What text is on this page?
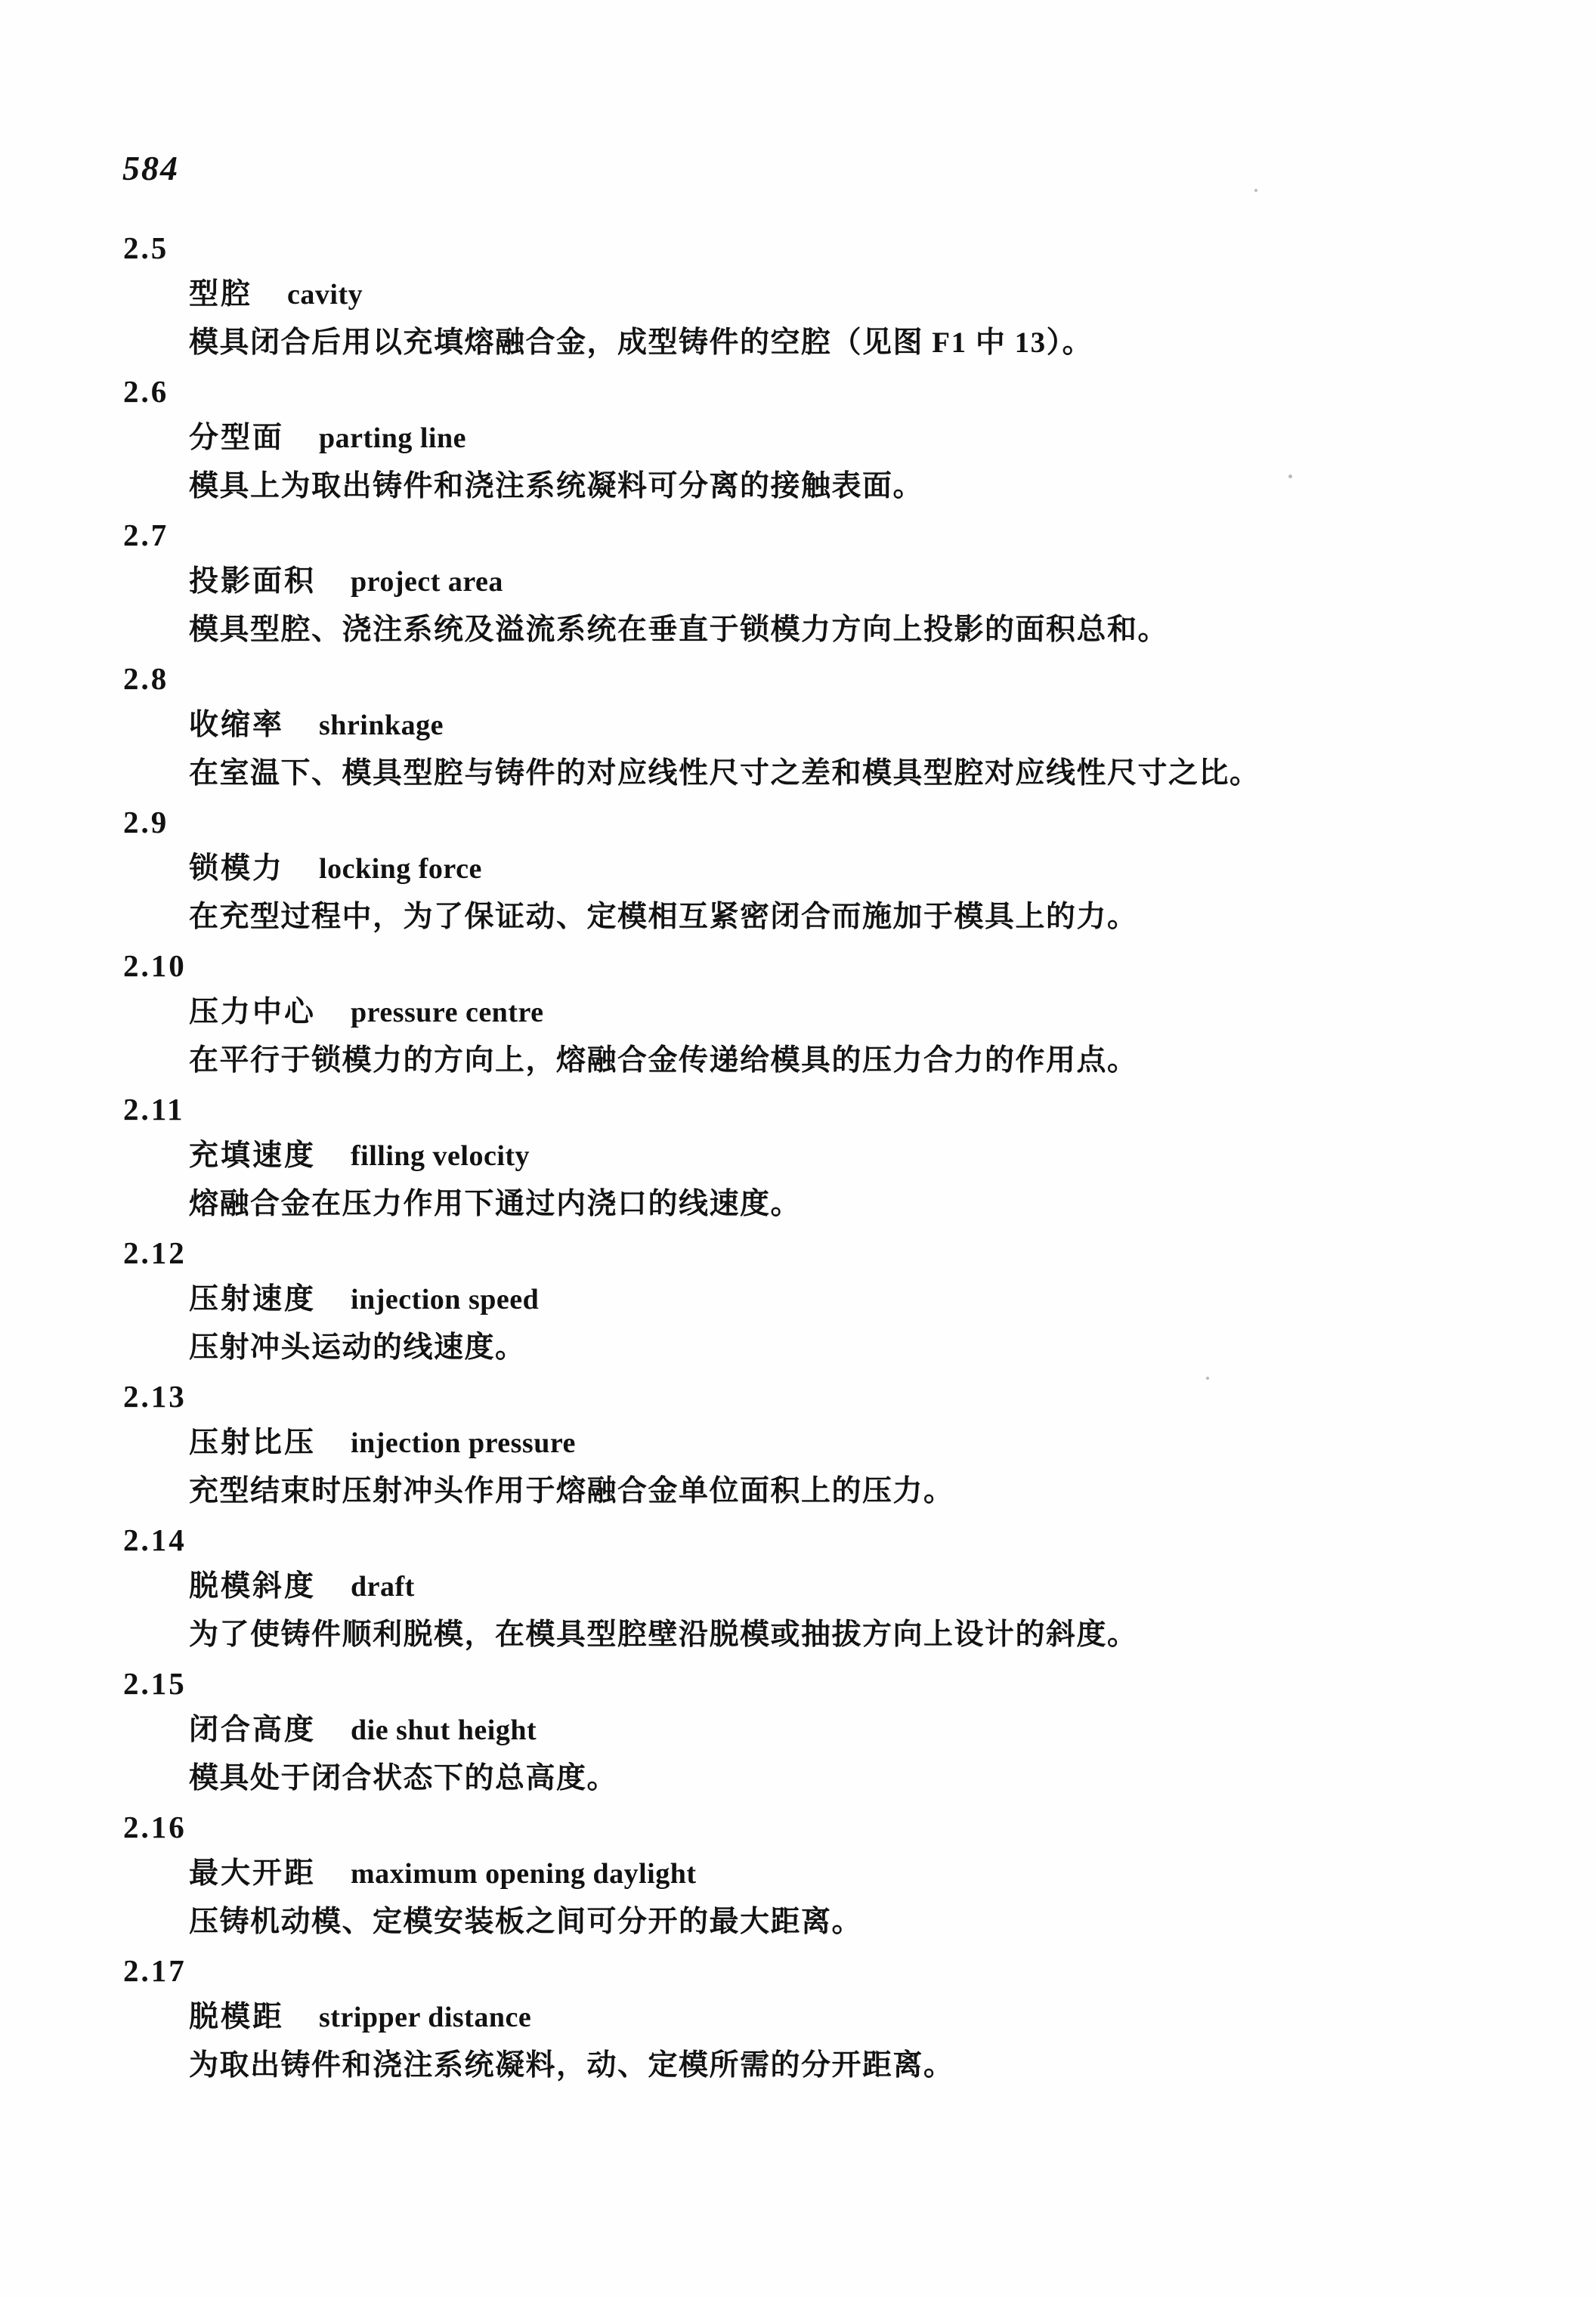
584
2.5
型腔 cavity
模具闭合后用以充填熔融合金，成型铸件的空腔（见图 F1 中 13）。
2.6
分型面 parting line
模具上为取出铸件和浇注系统凝料可分离的接触表面。
2.7
投影面积 project area
模具型腔、浇注系统及溢流系统在垂直于锁模力方向上投影的面积总和。
2.8
收缩率 shrinkage
在室温下、模具型腔与铸件的对应线性尺寸之差和模具型腔对应线性尺寸之比。
2.9
锁模力 locking force
在充型过程中，为了保证动、定模相互紧密闭合而施加于模具上的力。
2.10
压力中心 pressure centre
在平行于锁模力的方向上，熔融合金传递给模具的压力合力的作用点。
2.11
充填速度 filling velocity
熔融合金在压力作用下通过内浇口的线速度。
2.12
压射速度 injection speed
压射冲头运动的线速度。
2.13
压射比压 injection pressure
充型结束时压射冲头作用于熔融合金单位面积上的压力。
2.14
脱模斜度 draft
为了使铸件顺利脱模，在模具型腔壁沿脱模或抽拔方向上设计的斜度。
2.15
闭合高度 die shut height
模具处于闭合状态下的总高度。
2.16
最大开距 maximum opening daylight
压铸机动模、定模安装板之间可分开的最大距离。
2.17
脱模距 stripper distance
为取出铸件和浇注系统凝料，动、定模所需的分开距离。
